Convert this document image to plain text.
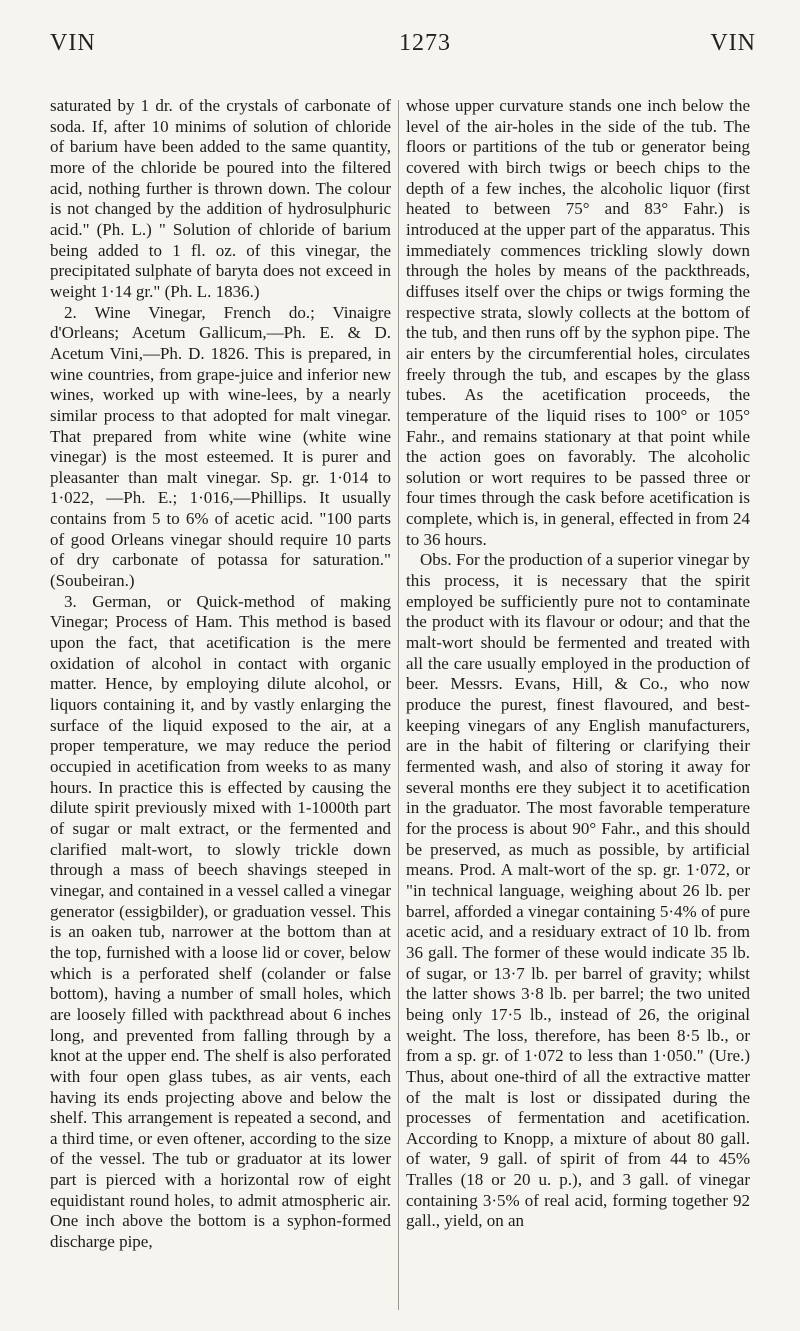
VIN	1273	VIN

saturated by 1 dr. of the crystals of carbonate of soda. If, after 10 minims of solution of chloride of barium have been added to the same quantity, more of the chloride be poured into the filtered acid, nothing further is thrown down. The colour is not changed by the addition of hydrosulphuric acid." (Ph. L.) " Solution of chloride of barium being added to 1 fl. oz. of this vinegar, the precipitated sulphate of baryta does not exceed in weight 1·14 gr." (Ph. L. 1836.)

2. Wine Vinegar, French do.; Vinaigre d'Orleans; Acetum Gallicum,—Ph. E. & D. Acetum Vini,—Ph. D. 1826. This is prepared, in wine countries, from grape-juice and inferior new wines, worked up with wine-lees, by a nearly similar process to that adopted for malt vinegar. That prepared from white wine (white wine vinegar) is the most esteemed. It is purer and pleasanter than malt vinegar. Sp. gr. 1·014 to 1·022, —Ph. E.; 1·016,—Phillips. It usually contains from 5 to 6% of acetic acid. "100 parts of good Orleans vinegar should require 10 parts of dry carbonate of potassa for saturation." (Soubeiran.)

3. German, or Quick-method of making Vinegar; Process of Ham. This method is based upon the fact, that acetification is the mere oxidation of alcohol in contact with organic matter. Hence, by employing dilute alcohol, or liquors containing it, and by vastly enlarging the surface of the liquid exposed to the air, at a proper temperature, we may reduce the period occupied in acetification from weeks to as many hours. In practice this is effected by causing the dilute spirit previously mixed with 1-1000th part of sugar or malt extract, or the fermented and clarified malt-wort, to slowly trickle down through a mass of beech shavings steeped in vinegar, and contained in a vessel called a vinegar generator (essigbilder), or graduation vessel. This is an oaken tub, narrower at the bottom than at the top, furnished with a loose lid or cover, below which is a perforated shelf (colander or false bottom), having a number of small holes, which are loosely filled with packthread about 6 inches long, and prevented from falling through by a knot at the upper end. The shelf is also perforated with four open glass tubes, as air vents, each having its ends projecting above and below the shelf. This arrangement is repeated a second, and a third time, or even oftener, according to the size of the vessel. The tub or graduator at its lower part is pierced with a horizontal row of eight equidistant round holes, to admit atmospheric air. One inch above the bottom is a syphon-formed discharge pipe,

whose upper curvature stands one inch below the level of the air-holes in the side of the tub. The floors or partitions of the tub or generator being covered with birch twigs or beech chips to the depth of a few inches, the alcoholic liquor (first heated to between 75° and 83° Fahr.) is introduced at the upper part of the apparatus. This immediately commences trickling slowly down through the holes by means of the packthreads, diffuses itself over the chips or twigs forming the respective strata, slowly collects at the bottom of the tub, and then runs off by the syphon pipe. The air enters by the circumferential holes, circulates freely through the tub, and escapes by the glass tubes. As the acetification proceeds, the temperature of the liquid rises to 100° or 105° Fahr., and remains stationary at that point while the action goes on favorably. The alcoholic solution or wort requires to be passed three or four times through the cask before acetification is complete, which is, in general, effected in from 24 to 36 hours.

Obs. For the production of a superior vinegar by this process, it is necessary that the spirit employed be sufficiently pure not to contaminate the product with its flavour or odour; and that the malt-wort should be fermented and treated with all the care usually employed in the production of beer. Messrs. Evans, Hill, & Co., who now produce the purest, finest flavoured, and best-keeping vinegars of any English manufacturers, are in the habit of filtering or clarifying their fermented wash, and also of storing it away for several months ere they subject it to acetification in the graduator. The most favorable temperature for the process is about 90° Fahr., and this should be preserved, as much as possible, by artificial means. Prod. A malt-wort of the sp. gr. 1·072, or "in technical language, weighing about 26 lb. per barrel, afforded a vinegar containing 5·4% of pure acetic acid, and a residuary extract of 10 lb. from 36 gall. The former of these would indicate 35 lb. of sugar, or 13·7 lb. per barrel of gravity; whilst the latter shows 3·8 lb. per barrel; the two united being only 17·5 lb., instead of 26, the original weight. The loss, therefore, has been 8·5 lb., or from a sp. gr. of 1·072 to less than 1·050." (Ure.) Thus, about one-third of all the extractive matter of the malt is lost or dissipated during the processes of fermentation and acetification. According to Knopp, a mixture of about 80 gall. of water, 9 gall. of spirit of from 44 to 45% Tralles (18 or 20 u. p.), and 3 gall. of vinegar containing 3·5% of real acid, forming together 92 gall., yield, on an
